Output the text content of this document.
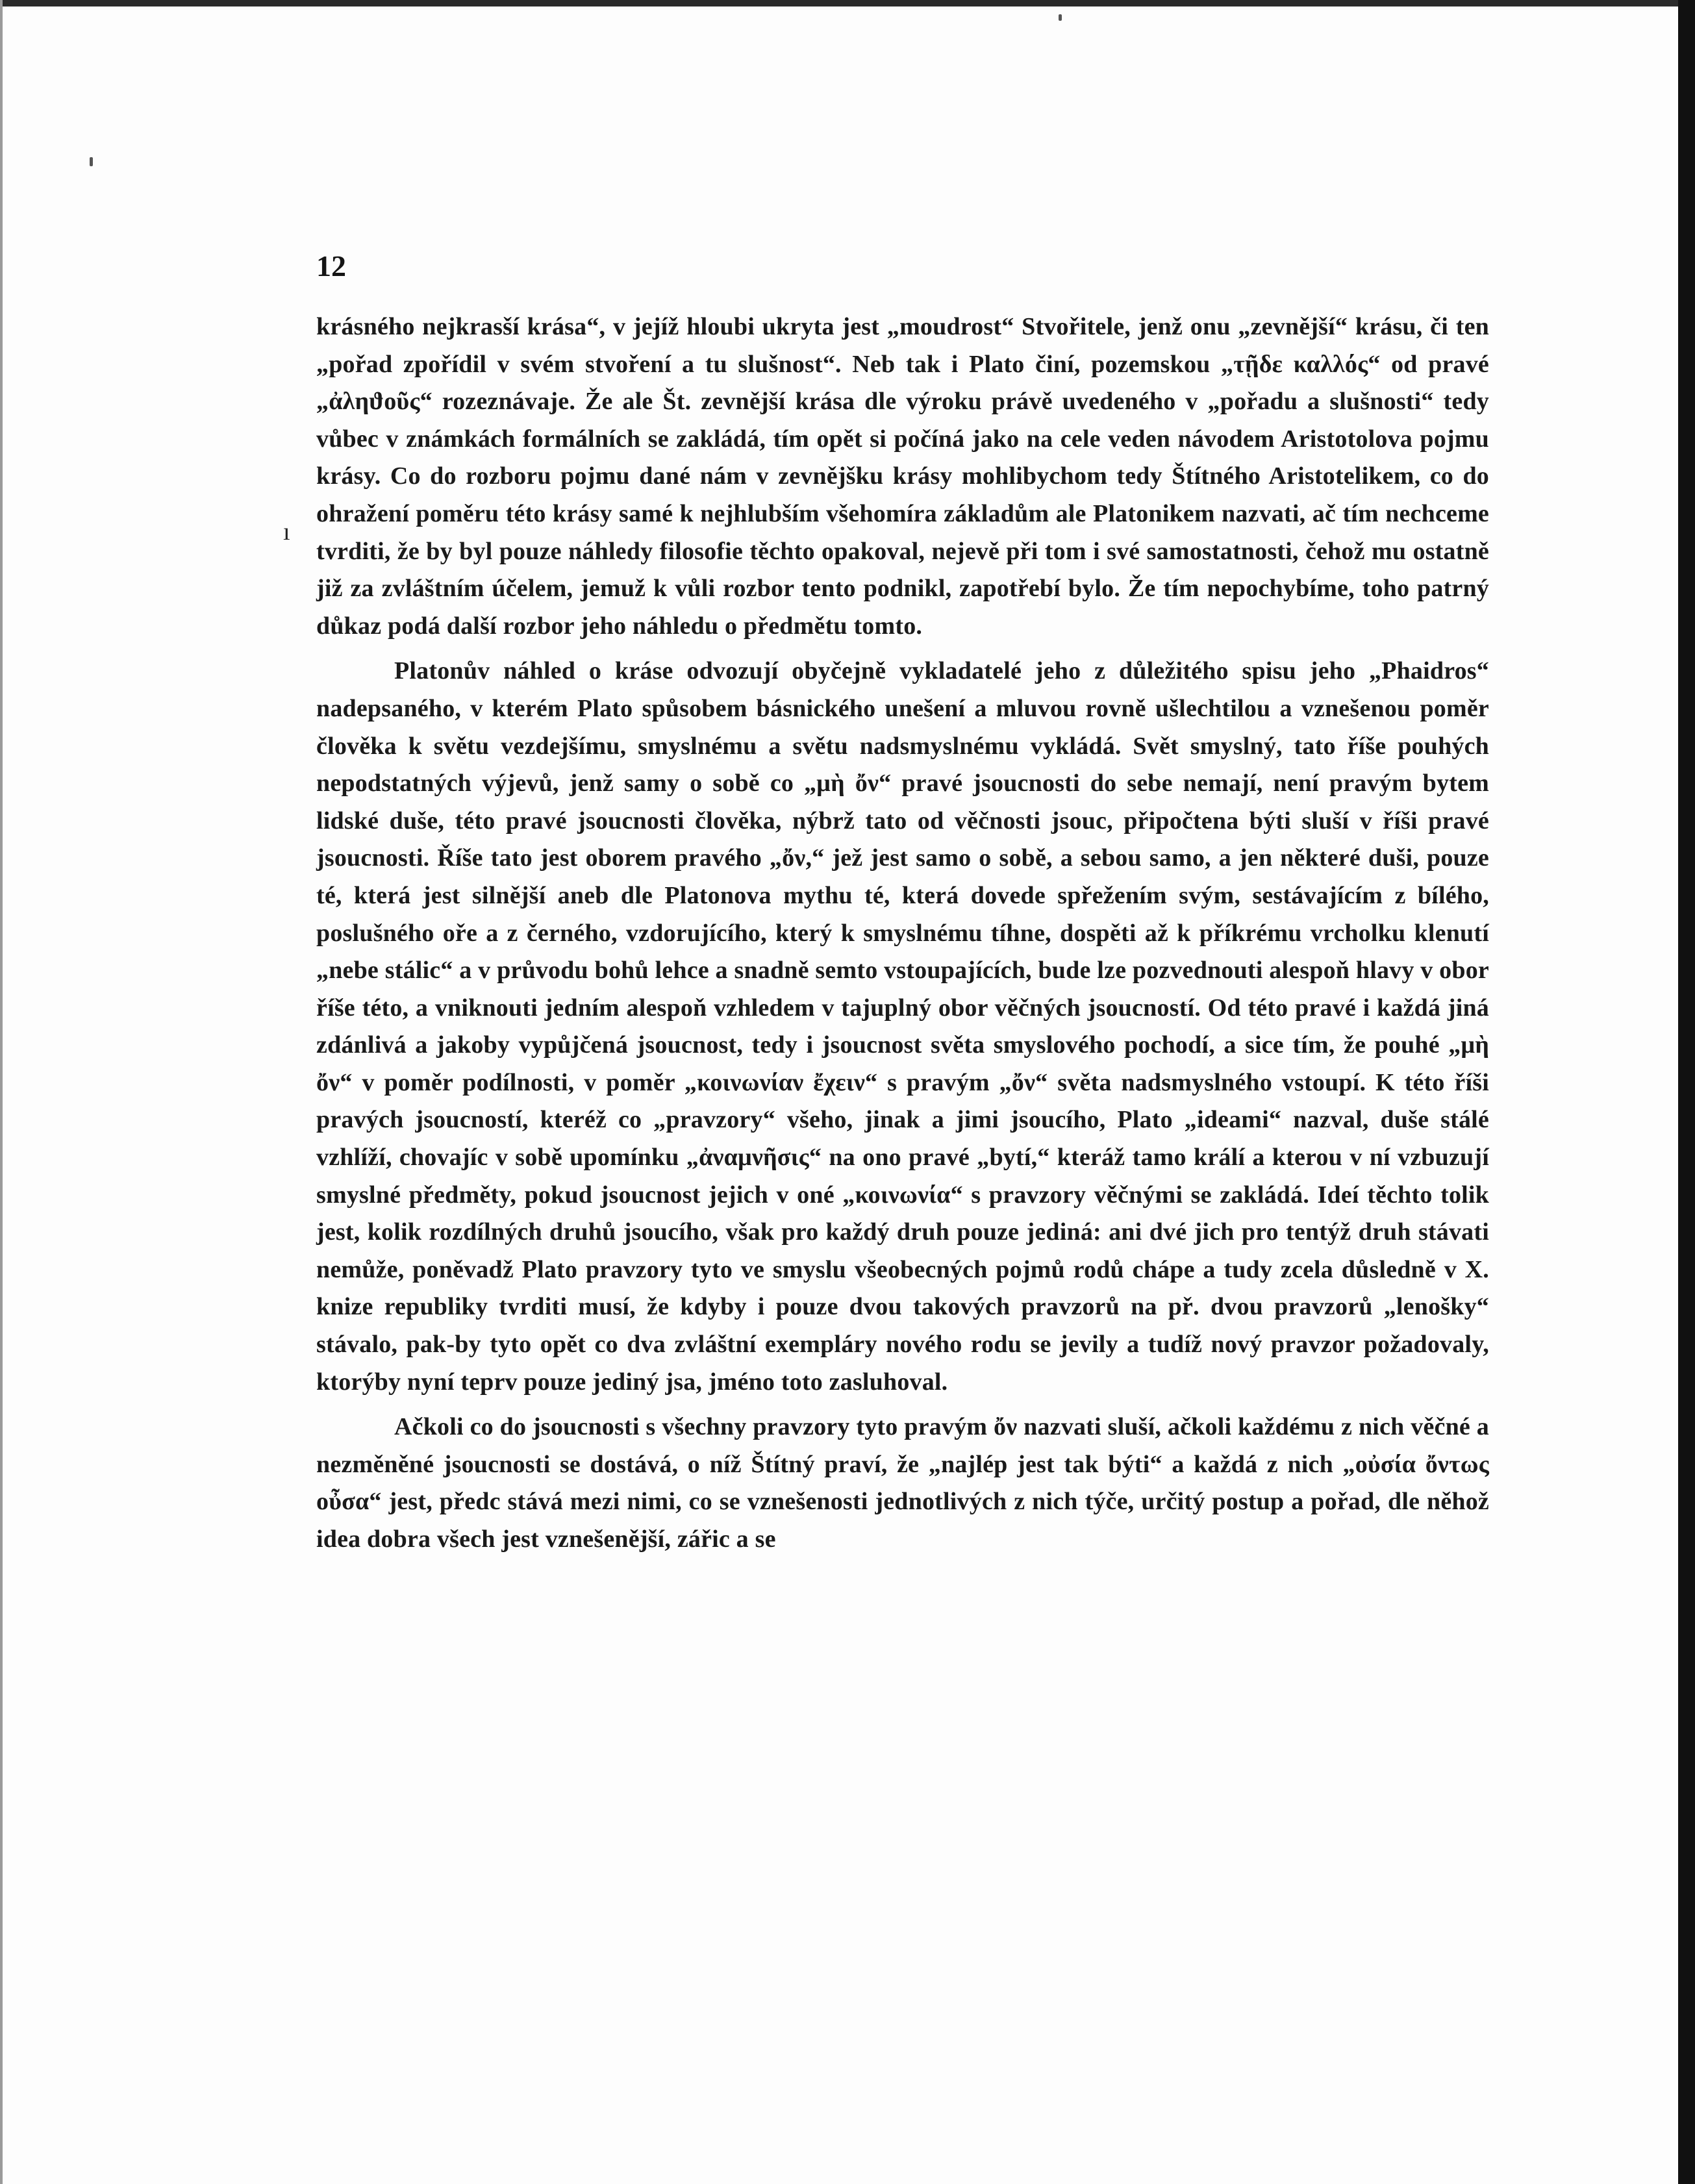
12
ı

krásného nejkrasší krása“, v jejíž hloubi ukryta jest „moudrost“ Stvořitele, jenž onu „zevnější“ krásu, či ten „pořad zpořídil v svém stvoření a tu slušnost“. Neb tak i Plato činí, pozemskou „τῇδε καλλός“ od pravé „ἀληϑοῦς“ rozeznávaje. Že ale Št. zevnější krása dle výroku právě uvedeného v „pořadu a slušnosti“ tedy vůbec v známkách formálních se zakládá, tím opět si počíná jako na cele veden návodem Aristotolova pojmu krásy. Co do rozboru pojmu dané nám v zevnějšku krásy mohlibychom tedy Štítného Aristotelikem, co do ohražení poměru této krásy samé k nejhlubším všehomíra základům ale Platonikem nazvati, ač tím nechceme tvrditi, že by byl pouze náhledy filosofie těchto opakoval, nejevě při tom i své samostatnosti, čehož mu ostatně již za zvláštním účelem, jemuž k vůli rozbor tento podnikl, zapotřebí bylo. Že tím nepochybíme, toho patrný důkaz podá další rozbor jeho náhledu o předmětu tomto.

Platonův náhled o kráse odvozují obyčejně vykladatelé jeho z důležitého spisu jeho „Phaidros“ nadepsaného, v kterém Plato spůsobem básnického unešení a mluvou rovně ušlechtilou a vznešenou poměr člověka k světu vezdejšímu, smyslnému a světu nadsmyslnému vykládá. Svět smyslný, tato říše pouhých nepodstatných výjevů, jenž samy o sobě co „μὴ ὄν“ pravé jsoucnosti do sebe nemají, není pravým bytem lidské duše, této pravé jsoucnosti člověka, nýbrž tato od věčnosti jsouc, připočtena býti sluší v říši pravé jsoucnosti. Říše tato jest oborem pravého „ὄν,“ jež jest samo o sobě, a sebou samo, a jen některé duši, pouze té, která jest silnější aneb dle Platonova mythu té, která dovede spřežením svým, sestávajícím z bílého, poslušného oře a z černého, vzdorujícího, který k smyslnému tíhne, dospěti až k příkrému vrcholku klenutí „nebe stálic“ a v průvodu bohů lehce a snadně semto vstoupajících, bude lze pozvednouti alespoň hlavy v obor říše této, a vniknouti jedním alespoň vzhledem v tajuplný obor věčných jsoucností. Od této pravé i každá jiná zdánlivá a jakoby vypůjčená jsoucnost, tedy i jsoucnost světa smyslového pochodí, a sice tím, že pouhé „μὴ ὄν“ v poměr podílnosti, v poměr „κοινωνίαν ἔχειν“ s pravým „ὄν“ světa nadsmyslného vstoupí. K této říši pravých jsoucností, kteréž co „pravzory“ všeho, jinak a jimi jsoucího, Plato „ideami“ nazval, duše stálé vzhlíží, chovajíc v sobě upomínku „ἀναμνῆσις“ na ono pravé „bytí,“ kteráž tamo králí a kterou v ní vzbuzují smyslné předměty, pokud jsoucnost jejich v oné „κοινωνία“ s pravzory věčnými se zakládá. Ideí těchto tolik jest, kolik rozdílných druhů jsoucího, však pro každý druh pouze jediná: ani dvé jich pro tentýž druh stávati nemůže, poněvadž Plato pravzory tyto ve smyslu všeobecných pojmů rodů chápe a tudy zcela důsledně v X. knize republiky tvrditi musí, že kdyby i pouze dvou takových pravzorů na př. dvou pravzorů „lenošky“ stávalo, pak-by tyto opět co dva zvláštní exempláry nového rodu se jevily a tudíž nový pravzor požadovaly, ktorýby nyní teprv pouze jediný jsa, jméno toto zasluhoval.

Ačkoli co do jsoucnosti s všechny pravzory tyto pravým ὄν nazvati sluší, ačkoli každému z nich věčné a nezměněné jsoucnosti se dostává, o níž Štítný praví, že „najlép jest tak býti“ a každá z nich „οὐσία ὄντως οὖσα“ jest, předc stává mezi nimi, co se vznešenosti jednotlivých z nich týče, určitý postup a pořad, dle něhož idea dobra všech jest vznešenější, zářic a se
